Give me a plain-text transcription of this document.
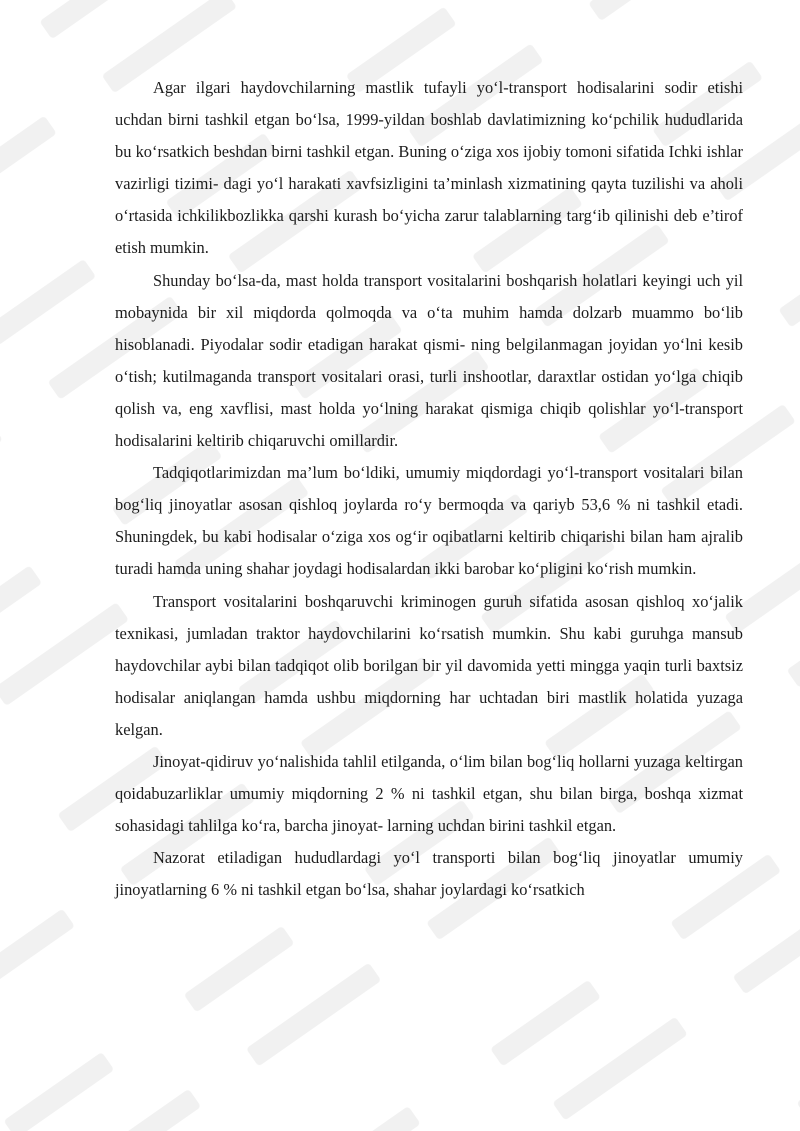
Agar ilgari haydovchilarning mastlik tufayli yo‘l-transport hodisalarini sodir etishi uchdan birni tashkil etgan bo‘lsa, 1999-yildan boshlab davlatimizning ko‘pchilik hududlarida bu ko‘rsatkich beshdan birni tashkil etgan. Buning o‘ziga xos ijobiy tomoni sifatida Ichki ishlar vazirligi tizimi- dagi yo‘l harakati xavfsizligini ta’minlash xizmatining qayta tuzilishi va aholi o‘rtasida ichkilikbozlikka qarshi kurash bo‘yicha zarur talablarning targ‘ib qilinishi deb e’tirof etish mumkin.

Shunday bo‘lsa-da, mast holda transport vositalarini boshqarish holatlari keyingi uch yil mobaynida bir xil miqdorda qolmoqda va o‘ta muhim hamda dolzarb muammo bo‘lib hisoblanadi. Piyodalar sodir etadigan harakat qismi- ning belgilanmagan joyidan yo‘lni kesib o‘tish; kutilmaganda transport vositalari orasi, turli inshootlar, daraxtlar ostidan yo‘lga chiqib qolish va, eng xavflisi, mast holda yo‘lning harakat qismiga chiqib qolishlar yo‘l-transport hodisalarini keltirib chiqaruvchi omillardir.

Tadqiqotlarimizdan ma’lum bo‘ldiki, umumiy miqdordagi yo‘l-transport vositalari bilan bog‘liq jinoyatlar asosan qishloq joylarda ro‘y bermoqda va qariyb 53,6 % ni tashkil etadi. Shuningdek, bu kabi hodisalar o‘ziga xos og‘ir oqibatlarni keltirib chiqarishi bilan ham ajralib turadi hamda uning shahar joydagi hodisalardan ikki barobar ko‘pligini ko‘rish mumkin.

Transport vositalarini boshqaruvchi kriminogen guruh sifatida asosan qishloq xo‘jalik texnikasi, jumladan traktor haydovchilarini ko‘rsatish mumkin. Shu kabi guruhga mansub haydovchilar aybi bilan tadqiqot olib borilgan bir yil davomida yetti mingga yaqin turli baxtsiz hodisalar aniqlangan hamda ushbu miqdorning har uchtadan biri mastlik holatida yuzaga kelgan.

Jinoyat-qidiruv yo‘nalishida tahlil etilganda, o‘lim bilan bog‘liq hollarni yuzaga keltirgan qoidabuzarliklar umumiy miqdorning 2 % ni tashkil etgan, shu bilan birga, boshqa xizmat sohasidagi tahlilga ko‘ra, barcha jinoyat- larning uchdan birini tashkil etgan.

Nazorat etiladigan hududlardagi yo‘l transporti bilan bog‘liq jinoyatlar umumiy jinoyatlarning 6 % ni tashkil etgan bo‘lsa, shahar joylardagi ko‘rsatkich
